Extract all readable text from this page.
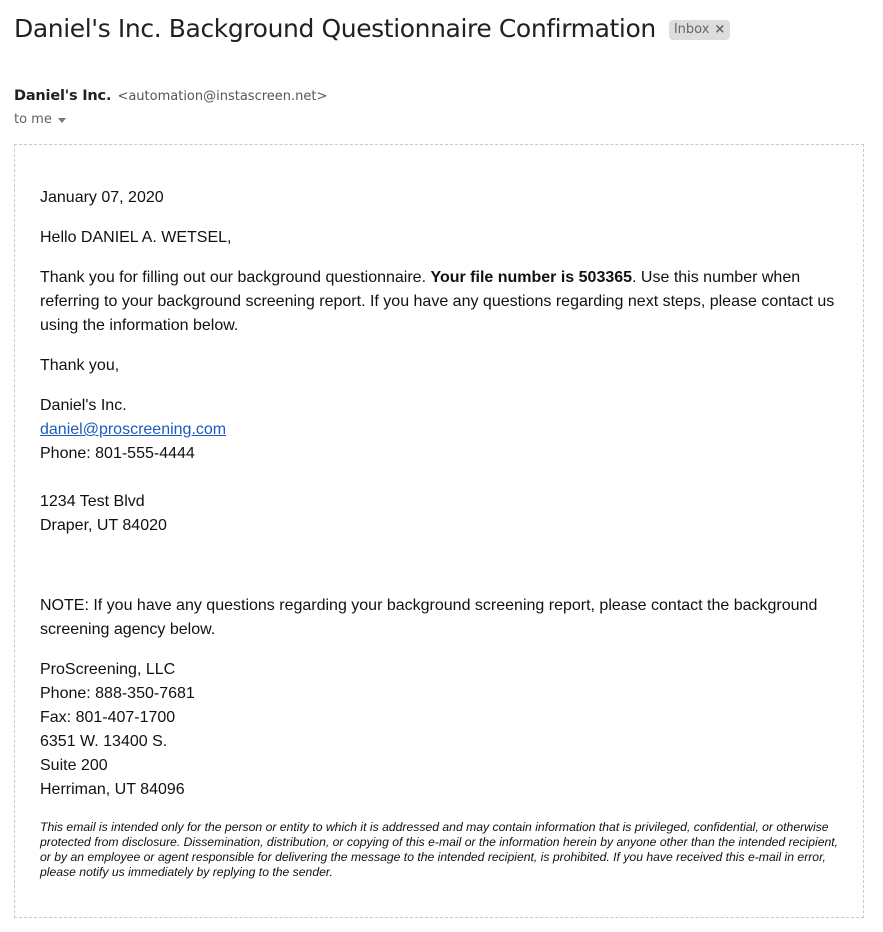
Daniel's Inc. Background Questionnaire Confirmation Inbox ×
Daniel's Inc. <automation@instascreen.net>
to me

January 07, 2020

Hello DANIEL A. WETSEL,

Thank you for filling out our background questionnaire. Your file number is 503365. Use this number when referring to your background screening report. If you have any questions regarding next steps, please contact us using the information below.

Thank you,

Daniel's Inc.
daniel@proscreening.com
Phone: 801-555-4444
1234 Test Blvd
Draper, UT 84020

NOTE: If you have any questions regarding your background screening report, please contact the background screening agency below.

ProScreening, LLC
Phone: 888-350-7681
Fax: 801-407-1700
6351 W. 13400 S.
Suite 200
Herriman, UT 84096

This email is intended only for the person or entity to which it is addressed and may contain information that is privileged, confidential, or otherwise protected from disclosure. Dissemination, distribution, or copying of this e-mail or the information herein by anyone other than the intended recipient, or by an employee or agent responsible for delivering the message to the intended recipient, is prohibited. If you have received this e-mail in error, please notify us immediately by replying to the sender.
